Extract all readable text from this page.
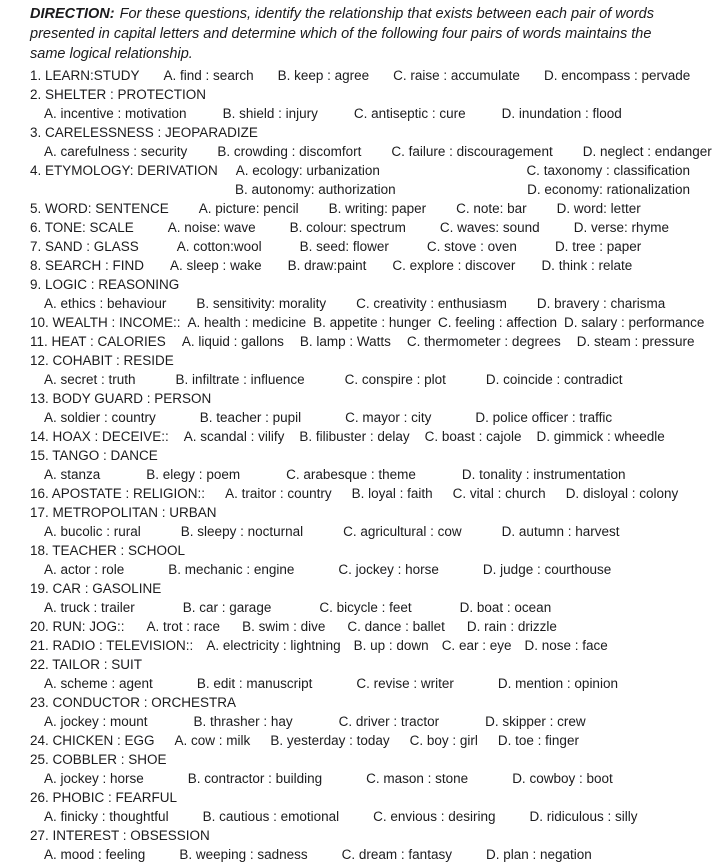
DIRECTION: For these questions, identify the relationship that exists between each pair of words presented in capital letters and determine which of the following four pairs of words maintains the same logical relationship.

1. LEARN:STUDY A. find : search B. keep : agree C. raise : accumulate D. encompass : pervade
2. SHELTER : PROTECTION
A. incentive : motivation	B. shield : injury	C. antiseptic : cure	D. inundation : flood
3. CARELESSNESS : JEOPARADIZE
A. carefulness : security B. crowding : discomfort C. failure : discouragement D. neglect : endanger
4. ETYMOLOGY: DERIVATION A. ecology: urbanization	C. taxonomy : classification
B. autonomy: authorization	D. economy: rationalization
5. WORD: SENTENCE A. picture: pencil B. writing: paper C. note: bar D. word: letter
6. TONE: SCALE	A. noise: wave	B. colour: spectrum	C. waves: sound	D. verse: rhyme
7. SAND : GLASS	A. cotton:wool	B. seed: flower	C. stove : oven	D. tree : paper
8. SEARCH : FIND A. sleep : wake B. draw:paint C. explore : discover D. think : relate
9. LOGIC : REASONING
A. ethics : behaviour B. sensitivity: morality C. creativity : enthusiasm D. bravery : charisma
10. WEALTH : INCOME:: A. health : medicine B. appetite : hunger C. feeling : affection D. salary : performance
11. HEAT : CALORIES A. liquid : gallons B. lamp : Watts C. thermometer : degrees D. steam : pressure
12. COHABIT : RESIDE
A. secret : truth	B. infiltrate : influence	C. conspire : plot	D. coincide : contradict
13. BODY GUARD : PERSON
A. soldier : country	B. teacher : pupil	C. mayor : city	D. police officer : traffic
14. HOAX : DECEIVE:: A. scandal : vilify B. filibuster : delay C. boast : cajole D. gimmick : wheedle
15. TANGO : DANCE
A. stanza	B. elegy : poem	C. arabesque : theme	D. tonality : instrumentation
16. APOSTATE : RELIGION:: A. traitor : country B. loyal : faith C. vital : church D. disloyal : colony
17. METROPOLITAN : URBAN
A. bucolic : rural	B. sleepy : nocturnal	C. agricultural : cow	D. autumn : harvest
18. TEACHER : SCHOOL
A. actor : role	B. mechanic : engine	C. jockey : horse	D. judge : courthouse
19. CAR : GASOLINE
A. truck : trailer	B. car : garage	C. bicycle : feet	D. boat : ocean
20. RUN: JOG:: A. trot : race B. swim : dive C. dance : ballet D. rain : drizzle
21. RADIO : TELEVISION:: A. electricity : lightning B. up : down C. ear : eye D. nose : face
22. TAILOR : SUIT
A. scheme : agent	B. edit : manuscript	C. revise : writer	D. mention : opinion
23. CONDUCTOR : ORCHESTRA
A. jockey : mount	B. thrasher : hay	C. driver : tractor	D. skipper : crew
24. CHICKEN : EGG A. cow : milk B. yesterday : today C. boy : girl D. toe : finger
25. COBBLER : SHOE
A. jockey : horse	B. contractor : building	C. mason : stone	D. cowboy : boot
26. PHOBIC : FEARFUL
A. finicky : thoughtful	B. cautious : emotional	C. envious : desiring	D. ridiculous : silly
27. INTEREST : OBSESSION
A. mood : feeling	B. weeping : sadness	C. dream : fantasy	D. plan : negation
